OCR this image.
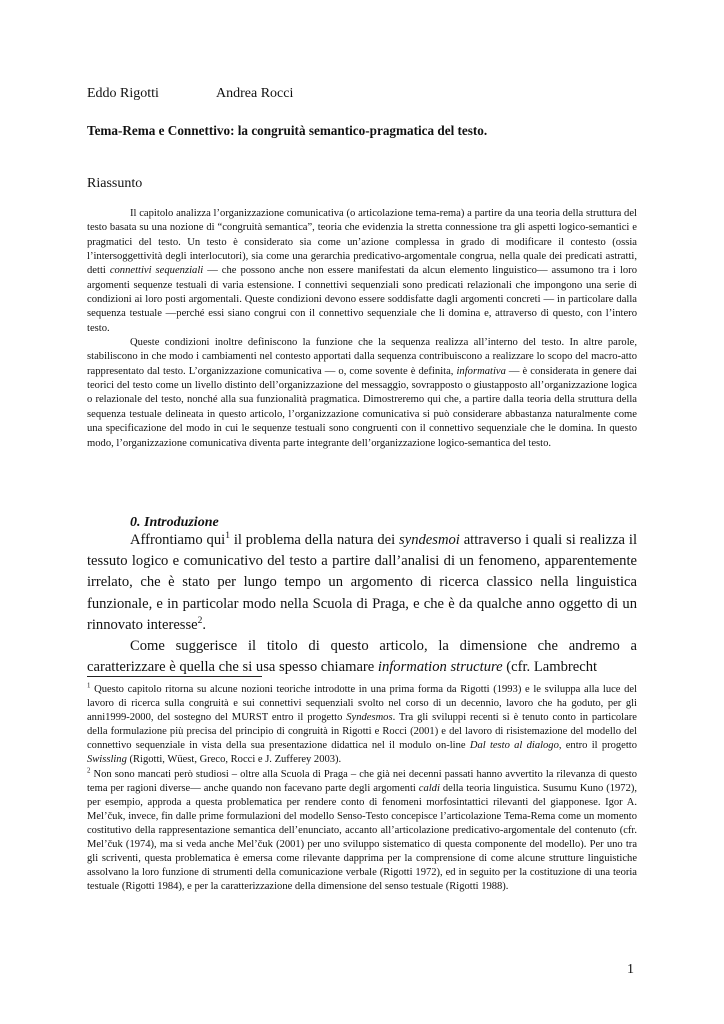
Eddo Rigotti	Andrea Rocci
Tema-Rema e Connettivo: la congruità semantico-pragmatica del testo.
Riassunto

Il capitolo analizza l’organizzazione comunicativa (o articolazione tema-rema) a partire da una teoria della struttura del testo basata su una nozione di “congruità semantica”, teoria che evidenzia la stretta connessione tra gli aspetti logico-semantici e pragmatici del testo. Un testo è considerato sia come un’azione complessa in grado di modificare il contesto (ossia l’intersoggettività degli interlocutori), sia come una gerarchia predicativo-argomentale congrua, nella quale dei predicati astratti, detti connettivi sequenziali — che possono anche non essere manifestati da alcun elemento linguistico— assumono tra i loro argomenti sequenze testuali di varia estensione. I connettivi sequenziali sono predicati relazionali che impongono una serie di condizioni ai loro posti argomentali. Queste condizioni devono essere soddisfatte dagli argomenti concreti — in particolare dalla sequenza testuale —perché essi siano congrui con il connettivo sequenziale che li domina e, attraverso di questo, con l’intero testo.

Queste condizioni inoltre definiscono la funzione che la sequenza realizza all’interno del testo. In altre parole, stabiliscono in che modo i cambiamenti nel contesto apportati dalla sequenza contribuiscono a realizzare lo scopo del macro-atto rappresentato dal testo. L’organizzazione comunicativa — o, come sovente è definita, informativa — è considerata in genere dai teorici del testo come un livello distinto dell’organizzazione del messaggio, sovrapposto o giustapposto all’organizzazione logica o relazionale del testo, nonché alla sua funzionalità pragmatica. Dimostreremo qui che, a partire dalla teoria della struttura della sequenza testuale delineata in questo articolo, l’organizzazione comunicativa si può considerare abbastanza naturalmente come una specificazione del modo in cui le sequenze testuali sono congruenti con il connettivo sequenziale che le domina. In questo modo, l’organizzazione comunicativa diventa parte integrante dell’organizzazione logico-semantica del testo.

0. Introduzione

Affrontiamo qui$^1$ il problema della natura dei syndesmoi attraverso i quali si realizza il tessuto logico e comunicativo del testo a partire dall’analisi di un fenomeno, apparentemente irrelato, che è stato per lungo tempo un argomento di ricerca classico nella linguistica funzionale, e in particolar modo nella Scuola di Praga, e che è da qualche anno oggetto di un rinnovato interesse$^2$.

Come suggerisce il titolo di questo articolo, la dimensione che andremo a caratterizzare è quella che si usa spesso chiamare information structure (cfr. Lambrecht

$^1$ Questo capitolo ritorna su alcune nozioni teoriche introdotte in una prima forma da Rigotti (1993) e le sviluppa alla luce del lavoro di ricerca sulla congruità e sui connettivi sequenziali svolto nel corso di un decennio, lavoro che ha goduto, per gli anni1999-2000, del sostegno del MURST entro il progetto Syndesmos. Tra gli sviluppi recenti si è tenuto conto in particolare della formulazione più precisa del principio di congruità in Rigotti e Rocci (2001) e del lavoro di risistemazione del modello del connettivo sequenziale in vista della sua presentazione didattica nel il modulo on-line Dal testo al dialogo, entro il progetto Swissling (Rigotti, Wüest, Greco, Rocci e J. Zufferey 2003).

$^2$ Non sono mancati però studiosi – oltre alla Scuola di Praga – che già nei decenni passati hanno avvertito la rilevanza di questo tema per ragioni diverse— anche quando non facevano parte degli argomenti caldi della teoria linguistica. Susumu Kuno (1972), per esempio, approda a questa problematica per rendere conto di fenomeni morfosintattici rilevanti del giapponese. Igor A. Mel’čuk, invece, fin dalle prime formulazioni del modello Senso-Testo concepisce l’articolazione Tema-Rema come un momento costitutivo della rappresentazione semantica dell’enunciato, accanto all’articolazione predicativo-argomentale del contenuto (cfr. Mel’čuk (1974), ma si veda anche Mel’čuk (2001) per uno sviluppo sistematico di questa componente del modello). Per uno tra gli scriventi, questa problematica è emersa come rilevante dapprima per la comprensione di come alcune strutture linguistiche assolvano la loro funzione di strumenti della comunicazione verbale (Rigotti 1972), ed in seguito per la costituzione di una teoria testuale (Rigotti 1984), e per la caratterizzazione della dimensione del senso testuale (Rigotti 1988).

1
